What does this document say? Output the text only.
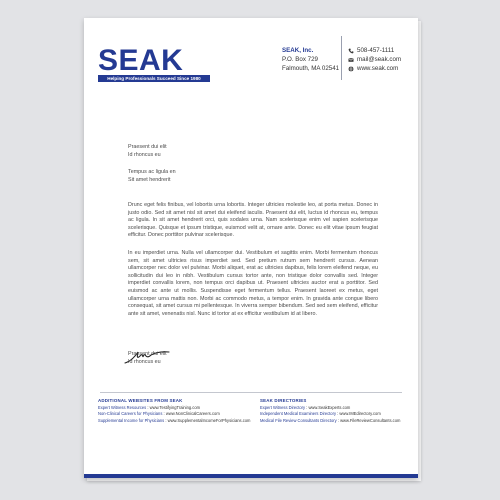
SEAK
Helping Professionals Succeed Since 1980
SEAK, Inc.
P.O. Box 729
Falmouth, MA 02541
508-457-1111
mail@seak.com
www.seak.com
Praesent dui elit
Id rhoncus eu
Tempus ac ligula en
Sit amet hendrerit
Drunc eget felis finibus, vel lobortis urna lobortis. Integer ultricies molestie leo, at porta metus. Donec in justo odio. Sed sit amet nisl sit amet dui eleifend iaculis. Praesent dui elit, luctus id rhoncus eu, tempus ac ligula. In sit amet hendrerit orci, quis sodales urna. Nam scelerisque enim vel sapien scelerisque scelerisque. Quisque et ipsum tristique, euismod velit at, ornare ante. Donec eu elit vitae ipsum feugiat efficitur. Donec porttitor pulvinar scelerisque.
In eu imperdiet urna. Nulla vel ullamcorper dui. Vestibulum et sagittis enim. Morbi fermentum rhoncus sem, sit amet ultricies risus imperdiet sed. Sed pretium rutrum sem hendrerit cursus. Aenean ullamcorper nec dolor vel pulvinar. Morbi aliquet, erat ac ultricies dapibus, felis lorem eleifend neque, eu sollicitudin dui leo in nibh. Vestibulum cursus tortor ante, non tristique dolor convallis sed. Integer imperdiet convallis lorem, non tempus orci dapibus ut. Praesent ultricies auctor erat a porttitor. Sed euismod ac ante ut mollis. Suspendisse eget fermentum tellus. Praesent laoreet ex metus, eget ullamcorper urna mattis non. Morbi ac commodo metus, a tempor enim. In gravida ante congue libero consequat, sit amet cursus mi pellentesque. In viverra semper bibendum. Sed sed sem eleifend, efficitur ante sit amet, venenatis nisl. Nunc id tortor at ex efficitur vestibulum id at libero.
Praesent dui elit
Id rhoncus eu
ADDITIONAL WEBSITES FROM SEAK
Expert Witness Resources : www.TestifyingTraining.com
Non-Clinical Careers for Physicians : www.NonClinicalCareers.com
Supplemental Income for Physicians : www.SupplementalIncomeForPhysicians.com
SEAK DIRECTORIES
Expert Witness Directory : www.SeakExperts.com
Independent Medical Examiners Directory : www.IMEdirectory.com
Medical File Review Consultants Directory : www.FileReviewConsultants.com
